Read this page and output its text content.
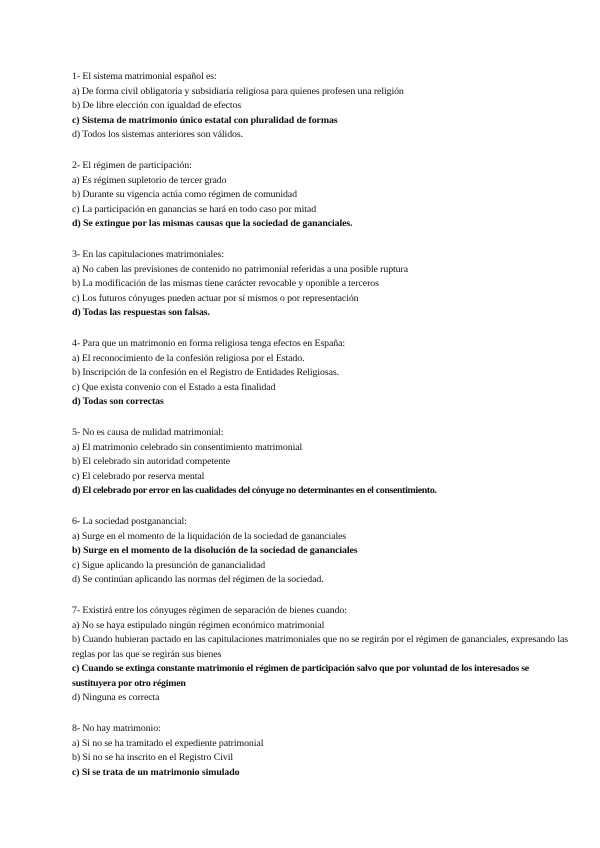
1- El sistema matrimonial español es:
a) De forma civil obligatoria y subsidiaria religiosa para quienes profesen una religión
b) De libre elección con igualdad de efectos
c) Sistema de matrimonio único estatal con pluralidad de formas
d) Todos los sistemas anteriores son válidos.
2- El régimen de participación:
a) Es régimen supletorio de tercer grado
b) Durante su vigencia actúa como régimen de comunidad
c) La participación en ganancias se hará en todo caso por mitad
d) Se extingue por las mismas causas que la sociedad de gananciales.
3- En las capitulaciones matrimoniales:
a) No caben las previsiones de contenido no patrimonial referidas a una posible ruptura
b) La modificación de las mismas tiene carácter revocable y oponible a terceros
c) Los futuros cónyuges pueden actuar por sí mismos o por representación
d) Todas las respuestas son falsas.
4- Para que un matrimonio en forma religiosa tenga efectos en España:
a) El reconocimiento de la confesión religiosa por el Estado.
b) Inscripción de la confesión en el Registro de Entidades Religiosas.
c) Que exista convenio con el Estado a esta finalidad
d) Todas son correctas
5- No es causa de nulidad matrimonial:
a) El matrimonio celebrado sin consentimiento matrimonial
b) El celebrado sin autoridad competente
c) El celebrado por reserva mental
d) El celebrado por error en las cualidades del cónyuge no determinantes en el consentimiento.
6- La sociedad postganancial:
a) Surge en el momento de la liquidación de la sociedad de gananciales
b) Surge en el momento de la disolución de la sociedad de gananciales
c) Sigue aplicando la presunción de ganancialidad
d) Se continúan aplicando las normas del régimen de la sociedad.
7- Existirá entre los cónyuges régimen de separación de bienes cuando:
a) No se haya estipulado ningún régimen económico matrimonial
b) Cuando hubieran pactado en las capitulaciones matrimoniales que no se regirán por el régimen de gananciales, expresando las reglas por las que se regirán sus bienes
c) Cuando se extinga constante matrimonio el régimen de participación salvo que por voluntad de los interesados se sustituyera por otro régimen
d) Ninguna es correcta
8- No hay matrimonio:
a) Si no se ha tramitado el expediente patrimonial
b) Si no se ha inscrito en el Registro Civil
c) Si se trata de un matrimonio simulado
